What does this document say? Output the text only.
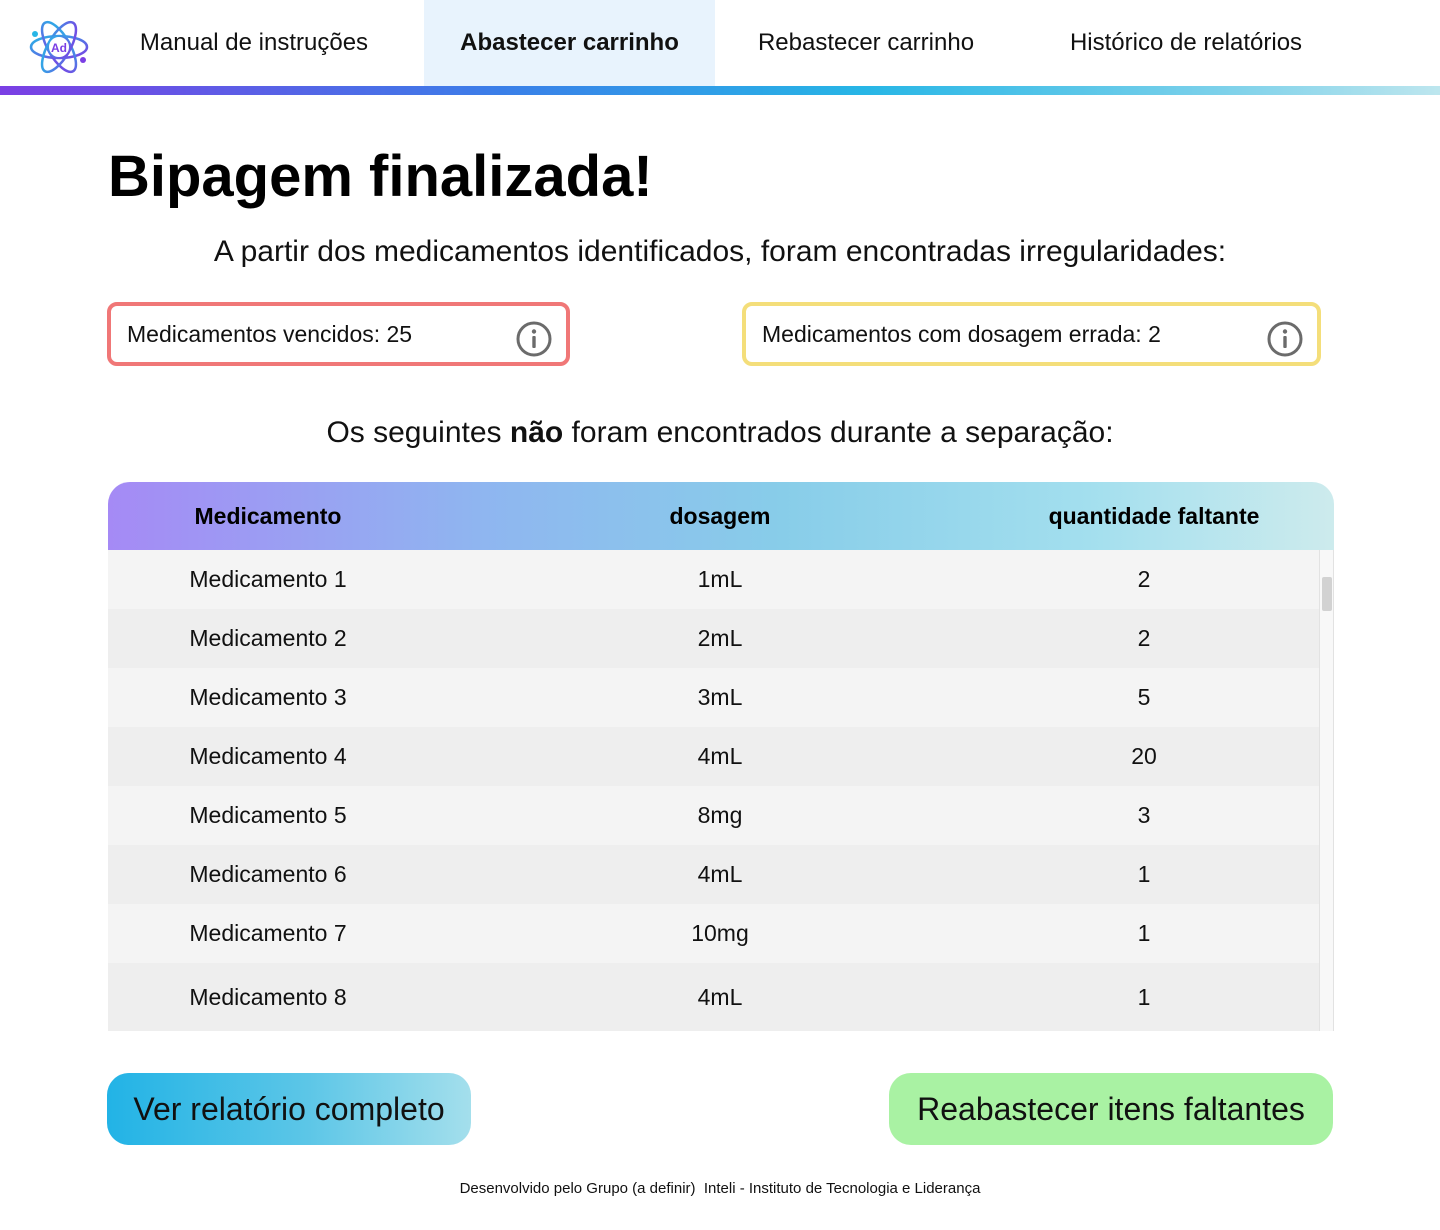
Ad	Manual de instruções	Abastecer carrinho	Rebastecer carrinho	Histórico de relatórios
Bipagem finalizada!
A partir dos medicamentos identificados, foram encontradas irregularidades:
Medicamentos vencidos: 25	Medicamentos com dosagem errada: 2
Os seguintes não foram encontrados durante a separação:
Medicamento	dosagem	quantidade faltante
Medicamento 1	1mL	2
Medicamento 2	2mL	2
Medicamento 3	3mL	5
Medicamento 4	4mL	20
Medicamento 5	8mg	3
Medicamento 6	4mL	1
Medicamento 7	10mg	1
Medicamento 8	4mL	1
Ver relatório completo	Reabastecer itens faltantes
Desenvolvido pelo Grupo (a definir)  Inteli - Instituto de Tecnologia e Liderança
